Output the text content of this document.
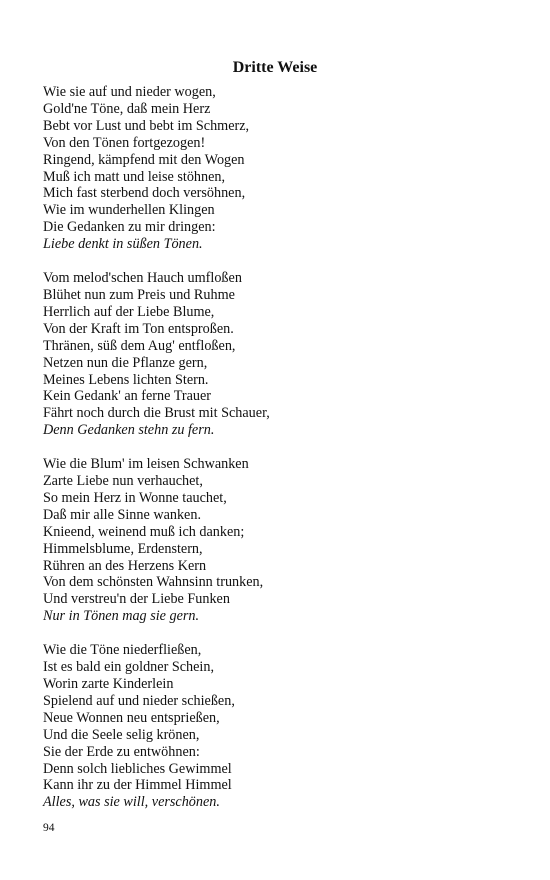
Dritte Weise
Wie sie auf und nieder wogen,
Gold'ne Töne, daß mein Herz
Bebt vor Lust und bebt im Schmerz,
Von den Tönen fortgezogen!
Ringend, kämpfend mit den Wogen
Muß ich matt und leise stöhnen,
Mich fast sterbend doch versöhnen,
Wie im wunderhellen Klingen
Die Gedanken zu mir dringen:
Liebe denkt in süßen Tönen.
Vom melod'schen Hauch umfloßen
Blühet nun zum Preis und Ruhme
Herrlich auf der Liebe Blume,
Von der Kraft im Ton entsproßen.
Thränen, süß dem Aug' entfloßen,
Netzen nun die Pflanze gern,
Meines Lebens lichten Stern.
Kein Gedank' an ferne Trauer
Fährt noch durch die Brust mit Schauer,
Denn Gedanken stehn zu fern.
Wie die Blum' im leisen Schwanken
Zarte Liebe nun verhauchet,
So mein Herz in Wonne tauchet,
Daß mir alle Sinne wanken.
Knieend, weinend muß ich danken;
Himmelsblume, Erdenstern,
Rühren an des Herzens Kern
Von dem schönsten Wahnsinn trunken,
Und verstreu'n der Liebe Funken
Nur in Tönen mag sie gern.
Wie die Töne niederfließen,
Ist es bald ein goldner Schein,
Worin zarte Kinderlein
Spielend auf und nieder schießen,
Neue Wonnen neu entsprießen,
Und die Seele selig krönen,
Sie der Erde zu entwöhnen:
Denn solch liebliches Gewimmel
Kann ihr zu der Himmel Himmel
Alles, was sie will, verschönen.
94
